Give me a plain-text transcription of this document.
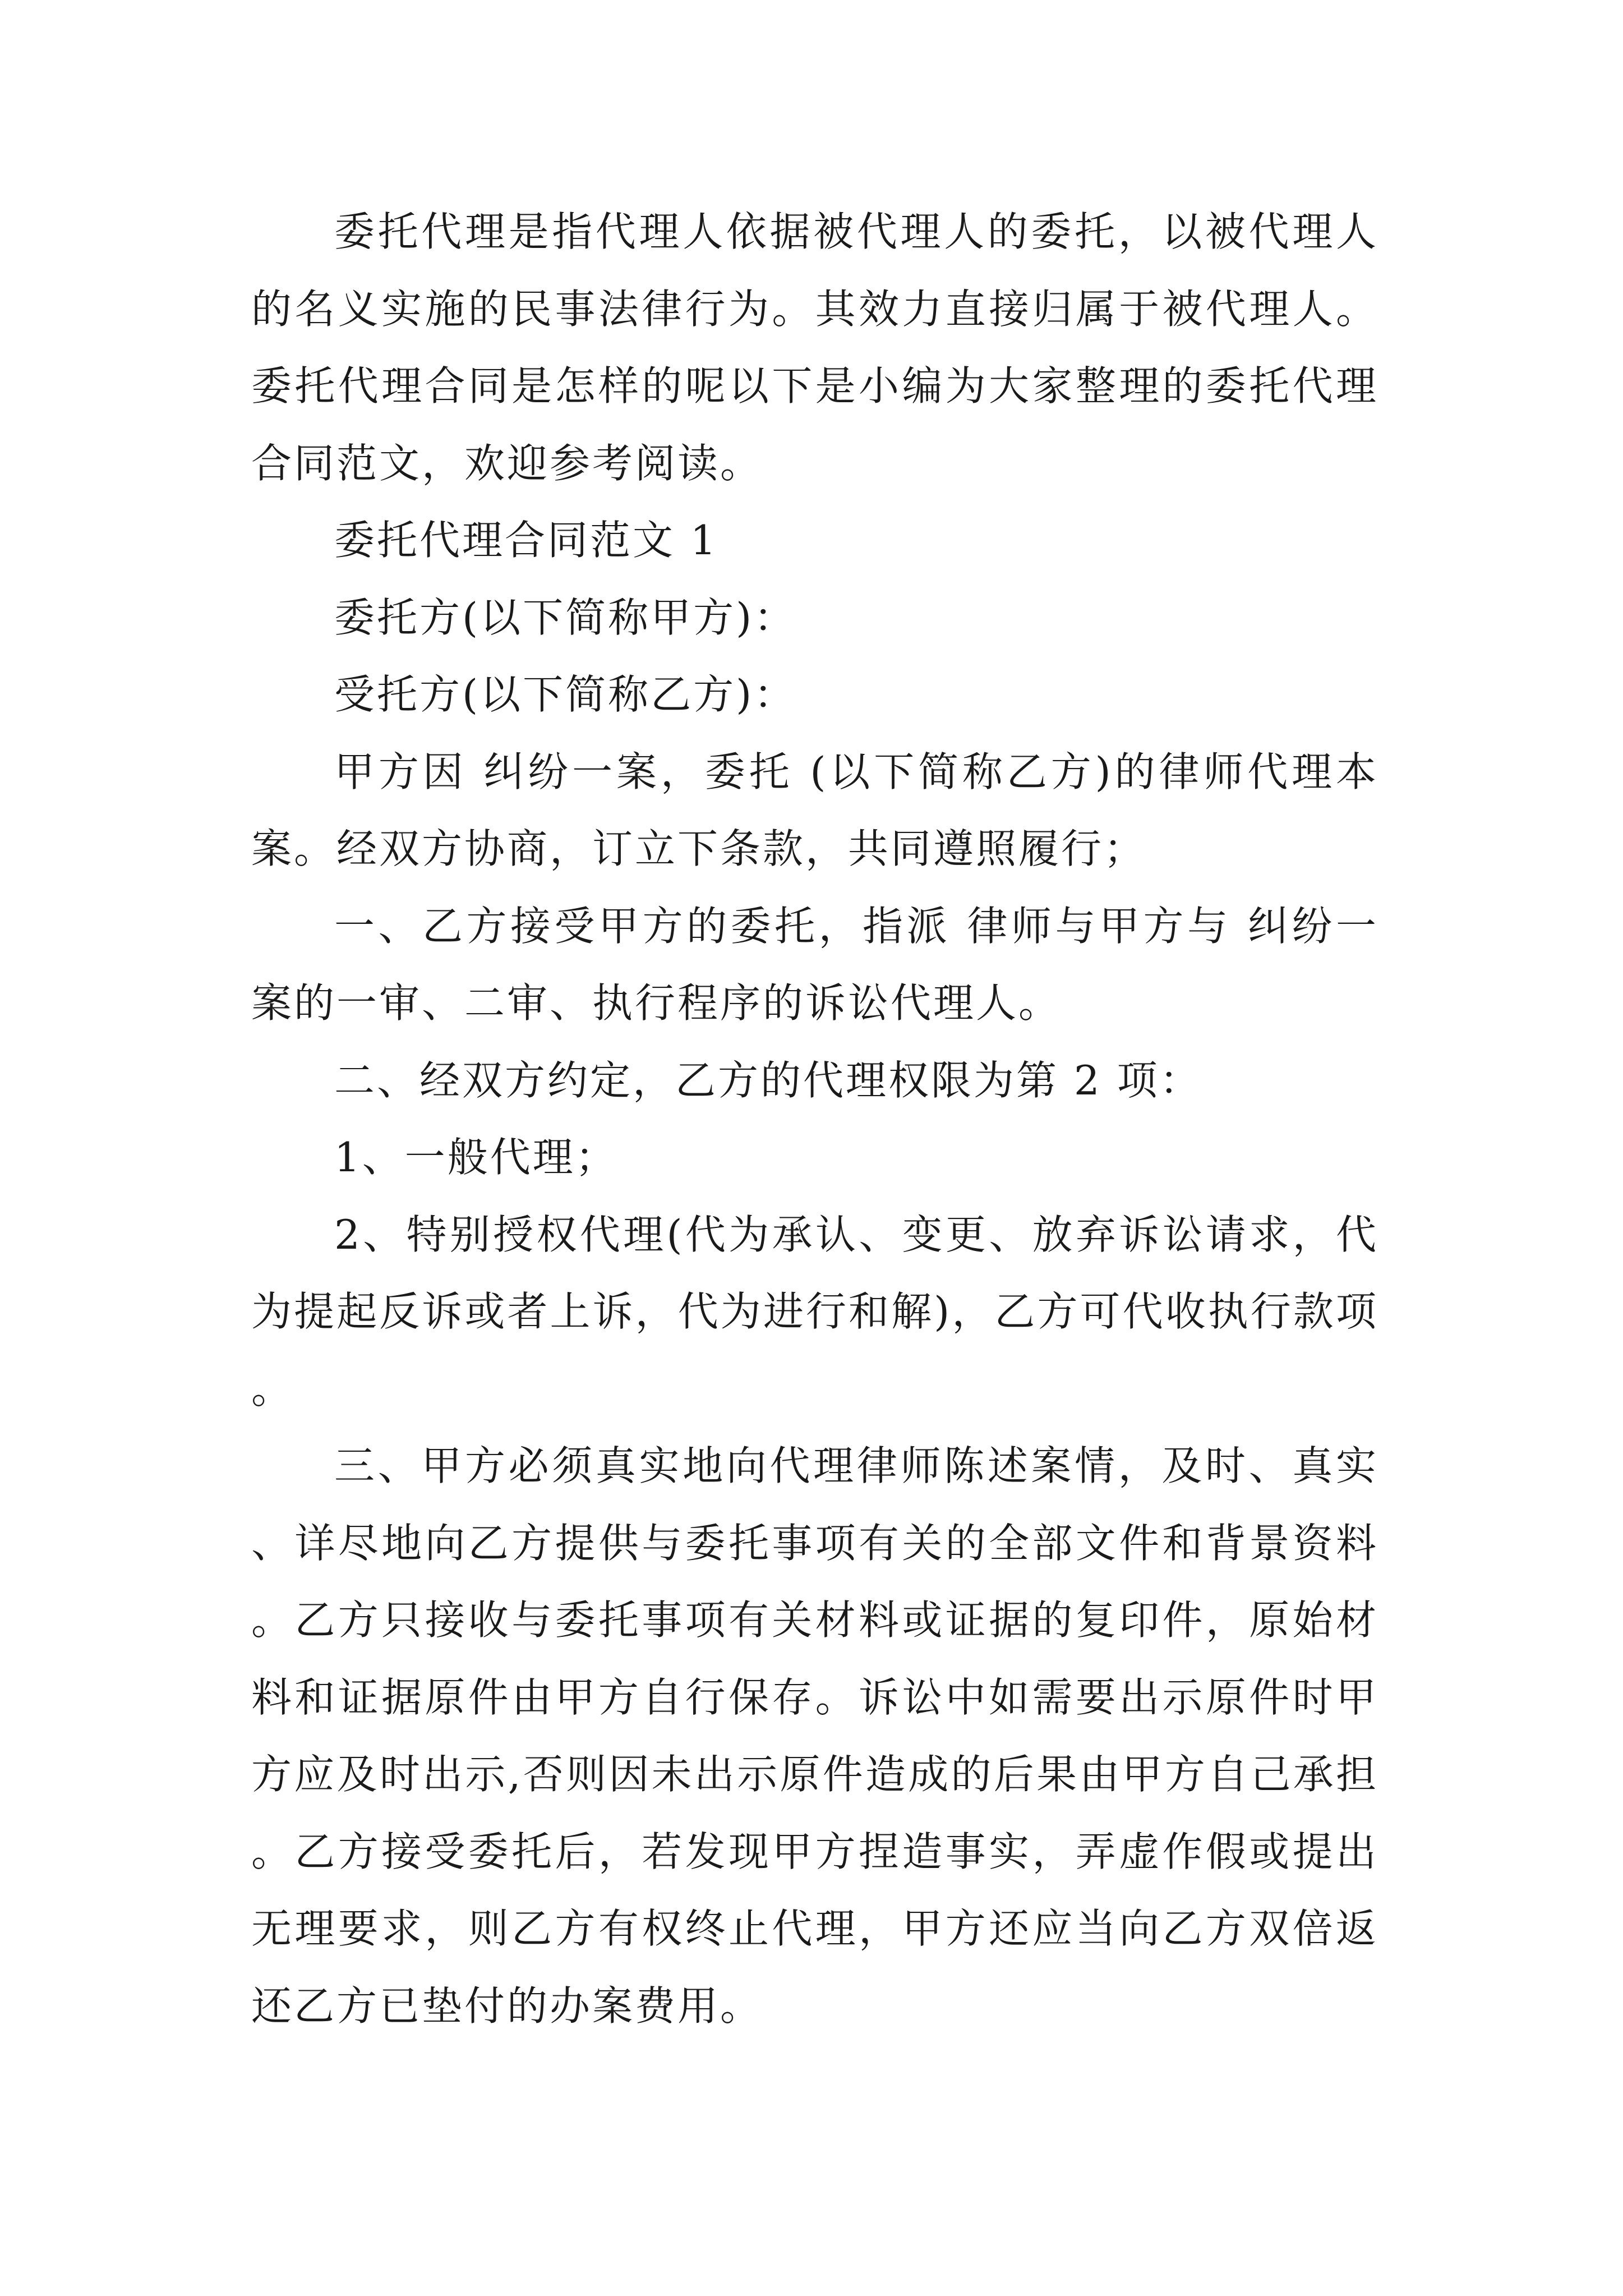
委托代理是指代理人依据被代理人的委托，以被代理人的名义实施的民事法律行为。其效力直接归属于被代理人。委托代理合同是怎样的呢以下是小编为大家整理的委托代理合同范文，欢迎参考阅读。

委托代理合同范文 1

委托方(以下简称甲方)：

受托方(以下简称乙方)：

甲方因 纠纷一案，委托 (以下简称乙方)的律师代理本案。经双方协商，订立下条款，共同遵照履行；

一、乙方接受甲方的委托，指派 律师与甲方与 纠纷一案的一审、二审、执行程序的诉讼代理人。

二、经双方约定，乙方的代理权限为第 2 项：

1、一般代理；

2、特别授权代理(代为承认、变更、放弃诉讼请求，代为提起反诉或者上诉，代为进行和解)，乙方可代收执行款项。

三、甲方必须真实地向代理律师陈述案情，及时、真实、详尽地向乙方提供与委托事项有关的全部文件和背景资料。乙方只接收与委托事项有关材料或证据的复印件，原始材料和证据原件由甲方自行保存。诉讼中如需要出示原件时甲方应及时出示,否则因未出示原件造成的后果由甲方自己承担。乙方接受委托后，若发现甲方捏造事实，弄虚作假或提出无理要求，则乙方有权终止代理，甲方还应当向乙方双倍返还乙方已垫付的办案费用。
